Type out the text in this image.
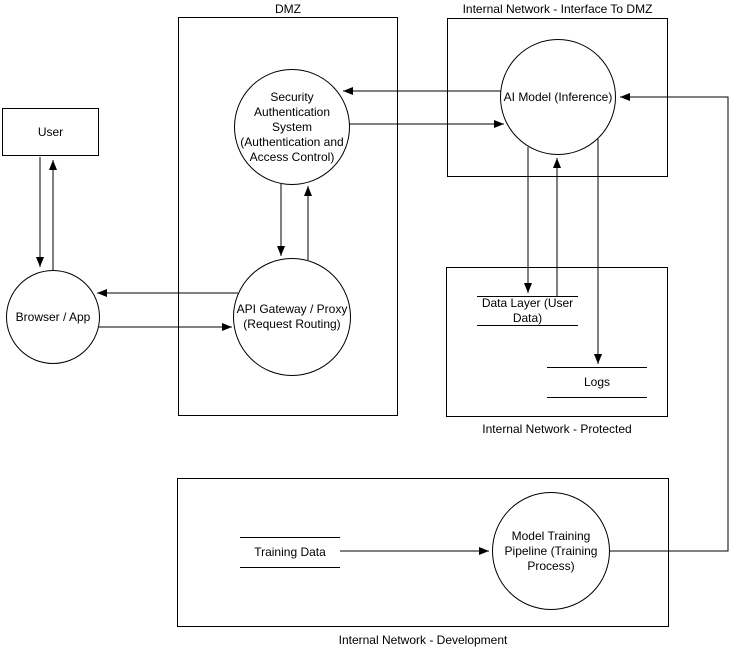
DMZ	Internal Network - Interface To DMZ
Internal Network - Protected
Internal Network - Development
User
Browser / App
Security
Authentication
System
(Authentication and
Access Control)
API Gateway / Proxy
(Request Routing)
AI Model (Inference)
Model Training
Pipeline (Training
Process)
Data Layer (User
Data)
Logs
Training Data
